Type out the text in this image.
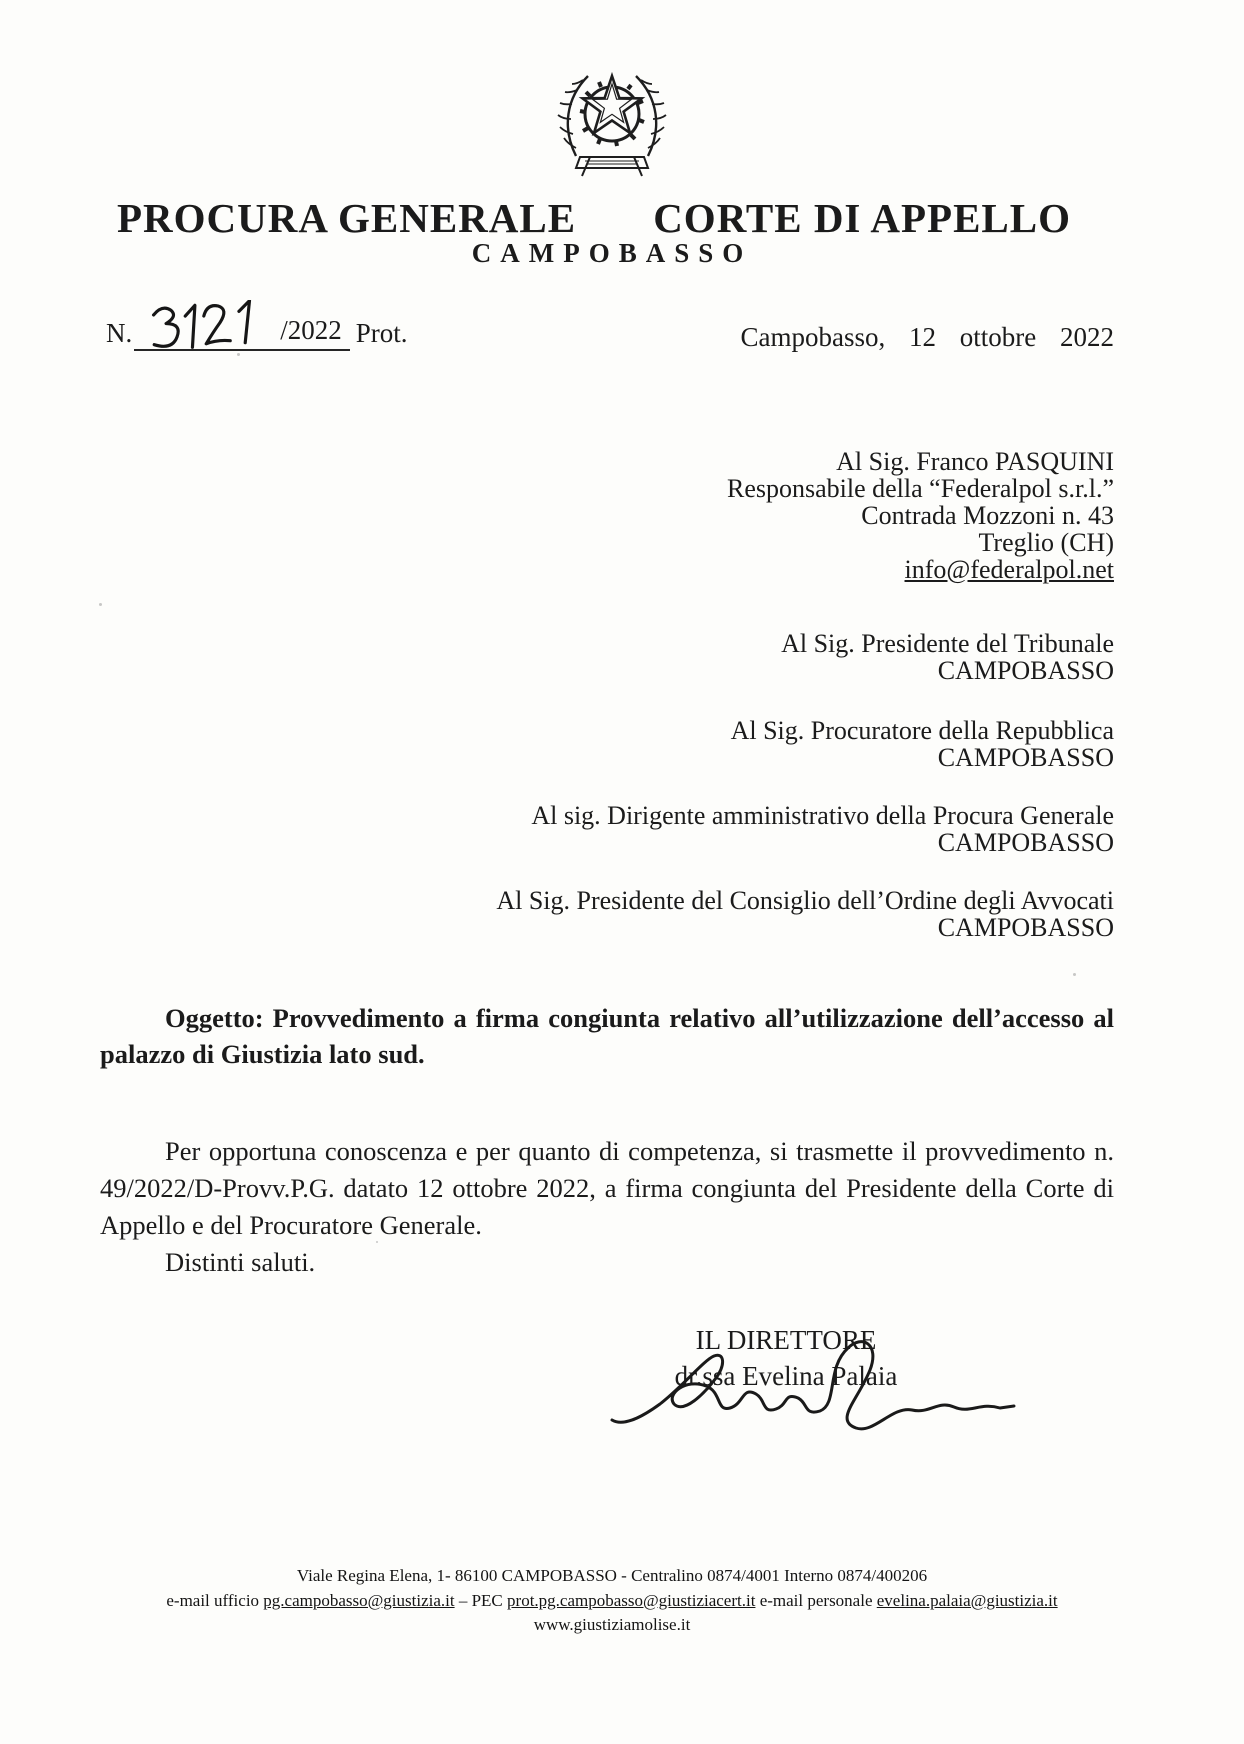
PROCURA GENERALE CORTE DI APPELLO
CAMPOBASSO
N.	/2022 Prot.	Campobasso, 12 ottobre 2022
Al Sig. Franco PASQUINI
Responsabile della “Federalpol s.r.l.”
Contrada Mozzoni n. 43
Treglio (CH)
info@federalpol.net
Al Sig. Presidente del Tribunale
CAMPOBASSO
Al Sig. Procuratore della Repubblica
CAMPOBASSO
Al sig. Dirigente amministrativo della Procura Generale
CAMPOBASSO
Al Sig. Presidente del Consiglio dell’Ordine degli Avvocati
CAMPOBASSO
Oggetto: Provvedimento a firma congiunta relativo all’utilizzazione dell’accesso al
palazzo di Giustizia lato sud.
Per opportuna conoscenza e per quanto di competenza, si trasmette il provvedimento n.
49/2022/D-Provv.P.G. datato 12 ottobre 2022, a firma congiunta del Presidente della Corte di
Appello e del Procuratore Generale.
Distinti saluti.
IL DIRETTORE
dr.ssa Evelina Palaia
Viale Regina Elena, 1- 86100 CAMPOBASSO - Centralino 0874/4001 Interno 0874/400206
e-mail ufficio pg.campobasso@giustizia.it – PEC prot.pg.campobasso@giustiziacert.it e-mail personale evelina.palaia@giustizia.it
www.giustiziamolise.it
